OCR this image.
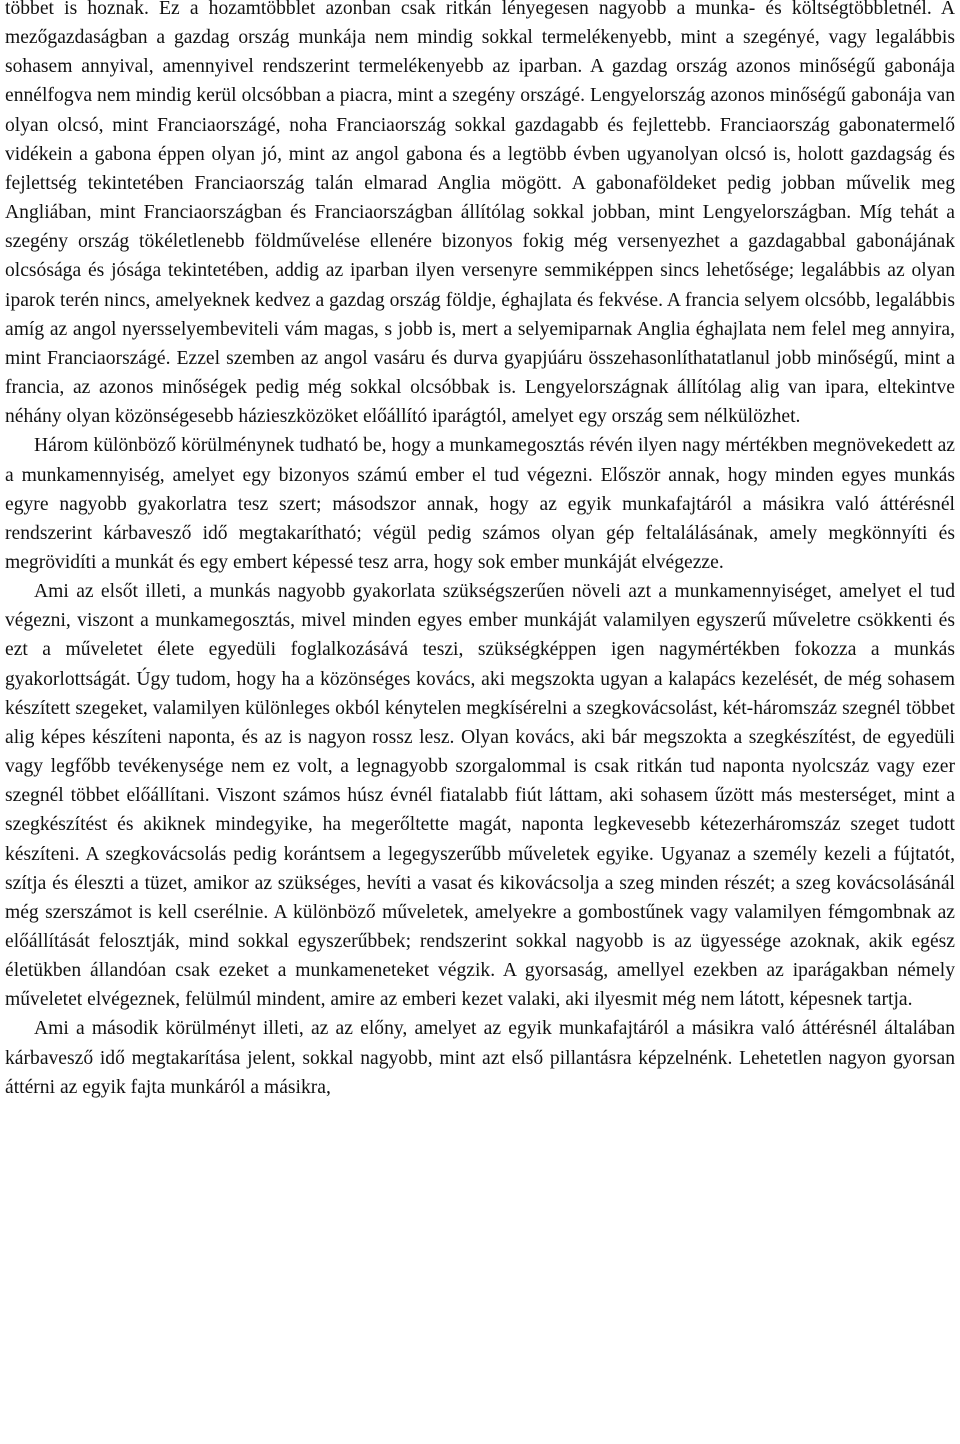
többet is hoznak. Ez a hozamtöbblet azonban csak ritkán lényegesen nagyobb a munka- és költségtöbbletnél. A mezőgazdaságban a gazdag ország munkája nem mindig sokkal termelékenyebb, mint a szegényé, vagy legalábbis sohasem annyival, amennyivel rendszerint termelékenyebb az iparban. A gazdag ország azonos minőségű gabonája ennélfogva nem mindig kerül olcsóbban a piacra, mint a szegény országé. Lengyelország azonos minőségű gabonája van olyan olcsó, mint Franciaországé, noha Franciaország sokkal gazdagabb és fejlettebb. Franciaország gabonatermelő vidékein a gabona éppen olyan jó, mint az angol gabona és a legtöbb évben ugyanolyan olcsó is, holott gazdagság és fejlettség tekintetében Franciaország talán elmarad Anglia mögött. A gabonaföldeket pedig jobban művelik meg Angliában, mint Franciaországban és Franciaországban állítólag sokkal jobban, mint Lengyelországban. Míg tehát a szegény ország tökéletlenebb földművelése ellenére bizonyos fokig még versenyezhet a gazdagabbal gabonájának olcsósága és jósága tekintetében, addig az iparban ilyen versenyre semmiképpen sincs lehetősége; legalábbis az olyan iparok terén nincs, amelyeknek kedvez a gazdag ország földje, éghajlata és fekvése. A francia selyem olcsóbb, legalábbis amíg az angol nyersselyembeviteli vám magas, s jobb is, mert a selyemiparnak Anglia éghajlata nem felel meg annyira, mint Franciaországé. Ezzel szemben az angol vasáru és durva gyapjúáru összehasonlíthatatlanul jobb minőségű, mint a francia, az azonos minőségek pedig még sokkal olcsóbbak is. Lengyelországnak állítólag alig van ipara, eltekintve néhány olyan közönségesebb házieszközöket előállító iparágtól, amelyet egy ország sem nélkülözhet.

Három különböző körülménynek tudható be, hogy a munkamegosztás révén ilyen nagy mértékben megnövekedett az a munkamennyiség, amelyet egy bizonyos számú ember el tud végezni. Először annak, hogy minden egyes munkás egyre nagyobb gyakorlatra tesz szert; másodszor annak, hogy az egyik munkafajtáról a másikra való áttérésnél rendszerint kárbavesző idő megtakarítható; végül pedig számos olyan gép feltalálásának, amely megkönnyíti és megrövidíti a munkát és egy embert képessé tesz arra, hogy sok ember munkáját elvégezze.

Ami az elsőt illeti, a munkás nagyobb gyakorlata szükségszerűen növeli azt a munkamennyiséget, amelyet el tud végezni, viszont a munkamegosztás, mivel minden egyes ember munkáját valamilyen egyszerű műveletre csökkenti és ezt a műveletet élete egyedüli foglalkozásává teszi, szükségképpen igen nagymértékben fokozza a munkás gyakorlottságát. Úgy tudom, hogy ha a közönséges kovács, aki megszokta ugyan a kalapács kezelését, de még sohasem készített szegeket, valamilyen különleges okból kénytelen megkísérelni a szegkovácsolást, két-háromszáz szegnél többet alig képes készíteni naponta, és az is nagyon rossz lesz. Olyan kovács, aki bár megszokta a szegkészítést, de egyedüli vagy legfőbb tevékenysége nem ez volt, a legnagyobb szorgalommal is csak ritkán tud naponta nyolcszáz vagy ezer szegnél többet előállítani. Viszont számos húsz évnél fiatalabb fiút láttam, aki sohasem űzött más mesterséget, mint a szegkészítést és akiknek mindegyike, ha megerőltette magát, naponta legkevesebb kétezerháromszáz szeget tudott készíteni. A szegkovácsolás pedig korántsem a legegyszerűbb műveletek egyike. Ugyanaz a személy kezeli a fújtatót, szítja és éleszti a tüzet, amikor az szükséges, hevíti a vasat és kikovácsolja a szeg minden részét; a szeg kovácsolásánál még szerszámot is kell cserélnie. A különböző műveletek, amelyekre a gombostűnek vagy valamilyen fémgombnak az előállítását felosztják, mind sokkal egyszerűbbek; rendszerint sokkal nagyobb is az ügyessége azoknak, akik egész életükben állandóan csak ezeket a munkameneteket végzik. A gyorsaság, amellyel ezekben az iparágakban némely műveletet elvégeznek, felülmúl mindent, amire az emberi kezet valaki, aki ilyesmit még nem látott, képesnek tartja.

Ami a második körülményt illeti, az az előny, amelyet az egyik munkafajtáról a másikra való áttérésnél általában kárbavesző idő megtakarítása jelent, sokkal nagyobb, mint azt első pillantásra képzelnénk. Lehetetlen nagyon gyorsan áttérni az egyik fajta munkáról a másikra,
